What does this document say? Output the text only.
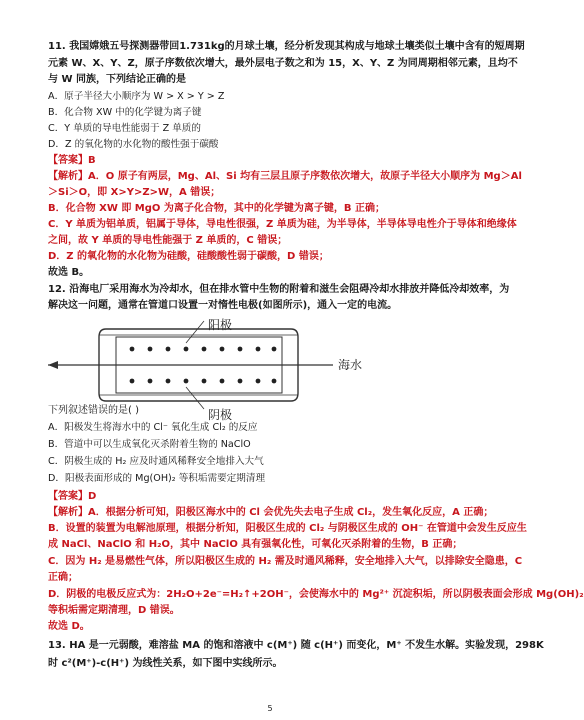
11. 我国嫦娥五号探测器带回1.731kg的月球土壤，经分析发现其构成与地球土壤类似土壤中含有的短周期
元素 W、X、Y、Z，原子序数依次增大，最外层电子数之和为 15，X、Y、Z 为同周期相邻元素，且均不
与 W 同族，下列结论正确的是
A．原子半径大小顺序为 W > X > Y > Z
B．化合物 XW 中的化学键为离子键
C．Y 单质的导电性能弱于 Z 单质的
D．Z 的氧化物的水化物的酸性强于碳酸
【答案】B
【解析】A．O 原子有两层，Mg、Al、Si 均有三层且原子序数依次增大，故原子半径大小顺序为 Mg＞Al
＞Si＞O，即 X>Y>Z>W，A 错误；
B．化合物 XW 即 MgO 为离子化合物，其中的化学键为离子键，B 正确；
C．Y 单质为铝单质，铝属于导体，导电性很强，Z 单质为硅，为半导体，半导体导电性介于导体和绝缘体
之间，故 Y 单质的导电性能强于 Z 单质的，C 错误；
D．Z 的氧化物的水化物为硅酸，硅酸酸性弱于碳酸，D 错误；
故选 B。
12. 沿海电厂采用海水为冷却水，但在排水管中生物的附着和滋生会阻碍冷却水排放并降低冷却效率，为
解决这一问题，通常在管道口设置一对惰性电极(如图所示)，通入一定的电流。
阳极
阴极
海水
下列叙述错误的是( )
A．阳极发生将海水中的 Cl⁻ 氧化生成 Cl₂ 的反应
B．管道中可以生成氧化灭杀附着生物的 NaClO
C．阴极生成的 H₂ 应及时通风稀释安全地排入大气
D．阳极表面形成的 Mg(OH)₂ 等积垢需要定期清理
【答案】D
【解析】A．根据分析可知，阳极区海水中的 Cl 会优先失去电子生成 Cl₂，发生氧化反应，A 正确；
B．设置的装置为电解池原理，根据分析知，阳极区生成的 Cl₂ 与阴极区生成的 OH⁻ 在管道中会发生反应生
成 NaCl、NaClO 和 H₂O，其中 NaClO 具有强氧化性，可氧化灭杀附着的生物，B 正确；
C．因为 H₂ 是易燃性气体，所以阳极区生成的 H₂ 需及时通风稀释，安全地排入大气，以排除安全隐患，C
正确；
D．阴极的电极反应式为：2H₂O+2e⁻=H₂↑+2OH⁻，会使海水中的 Mg²⁺ 沉淀积垢，所以阴极表面会形成 Mg(OH)₂
等积垢需定期清理，D 错误。
故选 D。
13. HA 是一元弱酸，难溶盐 MA 的饱和溶液中 c(M⁺) 随 c(H⁺) 而变化，M⁺ 不发生水解。实验发现，298K
时 c²(M⁺)-c(H⁺) 为线性关系，如下图中实线所示。
5
